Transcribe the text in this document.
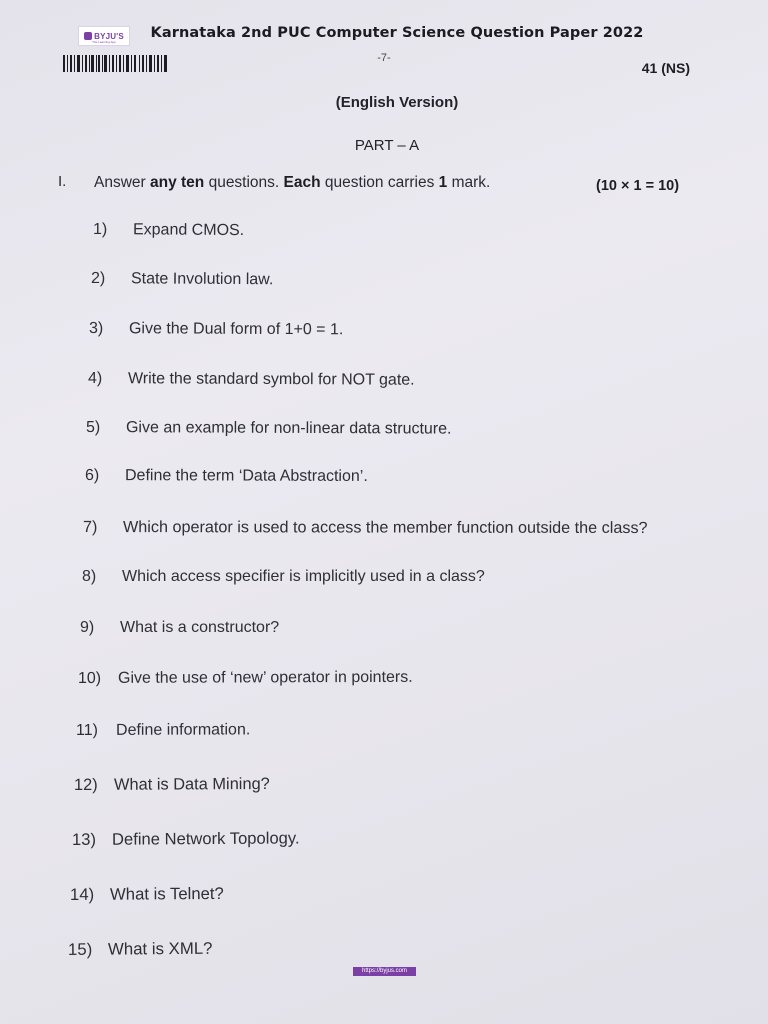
BYJU'S
The Learning App
Karnataka 2nd PUC Computer Science Question Paper 2022
-7-
41 (NS)
(English Version)
PART – A
I. Answer any ten questions. Each question carries 1 mark.	(10 × 1 = 10)
1) Expand CMOS.
2) State Involution law.
3) Give the Dual form of 1+0 = 1.
4) Write the standard symbol for NOT gate.
5) Give an example for non-linear data structure.
6) Define the term ‘Data Abstraction’.
7) Which operator is used to access the member function outside the class?
8) Which access specifier is implicitly used in a class?
9) What is a constructor?
10) Give the use of ‘new’ operator in pointers.
11) Define information.
12) What is Data Mining?
13) Define Network Topology.
14) What is Telnet?
15) What is XML?
https://byjus.com
